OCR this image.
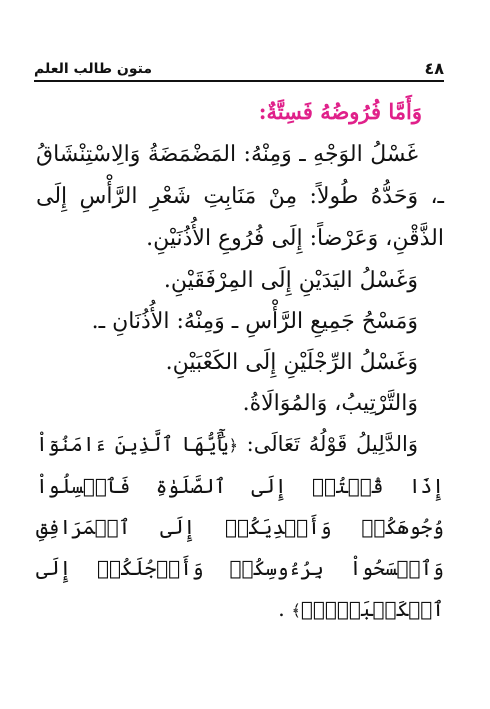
متون طالب العلم	٤٨
وَأَمَّا فُرُوضُهُ فَسِتَّةٌ:

غَسْلُ الوَجْهِ ـ وَمِنْهُ: المَضْمَضَةُ وَالِاسْتِنْشَاقُ ـ، وَحَدُّهُ طُولاً: مِنْ مَنَابِتِ شَعْرِ الرَّأْسِ إِلَى الذَّقْنِ، وَعَرْضاً: إِلَى فُرُوعِ الأُذُنَيْنِ.

وَغَسْلُ اليَدَيْنِ إِلَى المِرْفَقَيْنِ.

وَمَسْحُ جَمِيعِ الرَّأْسِ ـ وَمِنْهُ: الأُذُنَانِ ـ.

وَغَسْلُ الرِّجْلَيْنِ إِلَى الكَعْبَيْنِ.

وَالتَّرْتِيبُ، وَالمُوَالَاةُ.

وَالدَّلِيلُ قَوْلُهُ تَعَالَى: ﴿يَٰٓأَيُّهَا ٱلَّذِينَ ءَامَنُوٓاْ إِذَا قُمۡتُمۡ إِلَى ٱلصَّلَوٰةِ فَٱغۡسِلُواْ وُجُوهَكُمۡ وَأَيۡدِيَكُمۡ إِلَى ٱلۡمَرَافِقِ وَٱمۡسَحُواْ بِرُءُوسِكُمۡ وَأَرۡجُلَكُمۡ إِلَى ٱلۡكَعۡبَيۡنِۚ﴾ .
